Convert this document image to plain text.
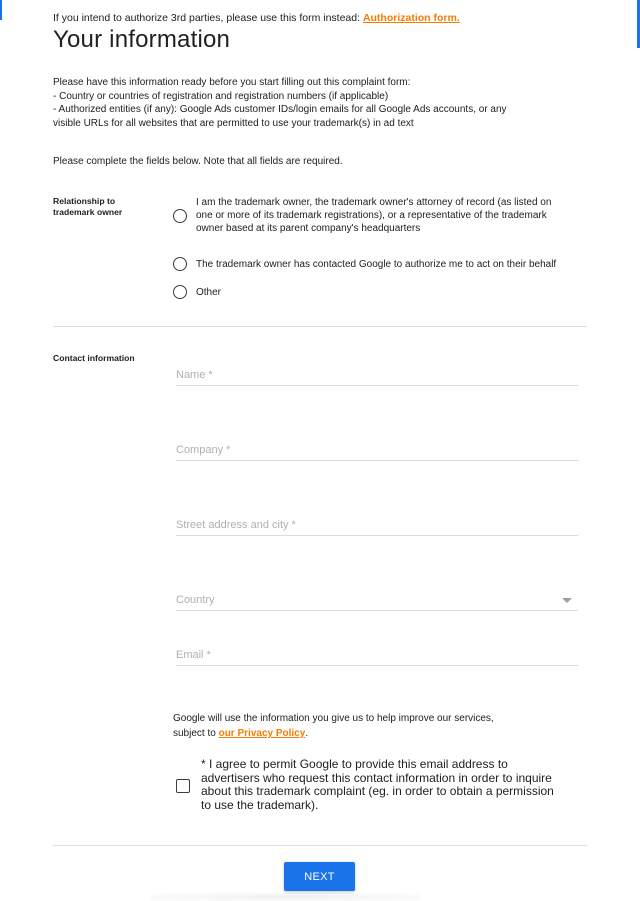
If you intend to authorize 3rd parties, please use this form instead: Authorization form.
Your information
Please have this information ready before you start filling out this complaint form:
- Country or countries of registration and registration numbers (if applicable)
- Authorized entities (if any): Google Ads customer IDs/login emails for all Google Ads accounts, or any
visible URLs for all websites that are permitted to use your trademark(s) in ad text
Please complete the fields below. Note that all fields are required.
Relationship to
trademark owner
I am the trademark owner, the trademark owner's attorney of record (as listed on
one or more of its trademark registrations), or a representative of the trademark
owner based at its parent company's headquarters
The trademark owner has contacted Google to authorize me to act on their behalf
Other
Contact information
Name *
Company *
Street address and city *
Country
Email *
Google will use the information you give us to help improve our services,
subject to our Privacy Policy.
* I agree to permit Google to provide this email address to advertisers who request this contact information in order to inquire about this trademark complaint (eg. in order to obtain a permission to use the trademark).
NEXT
